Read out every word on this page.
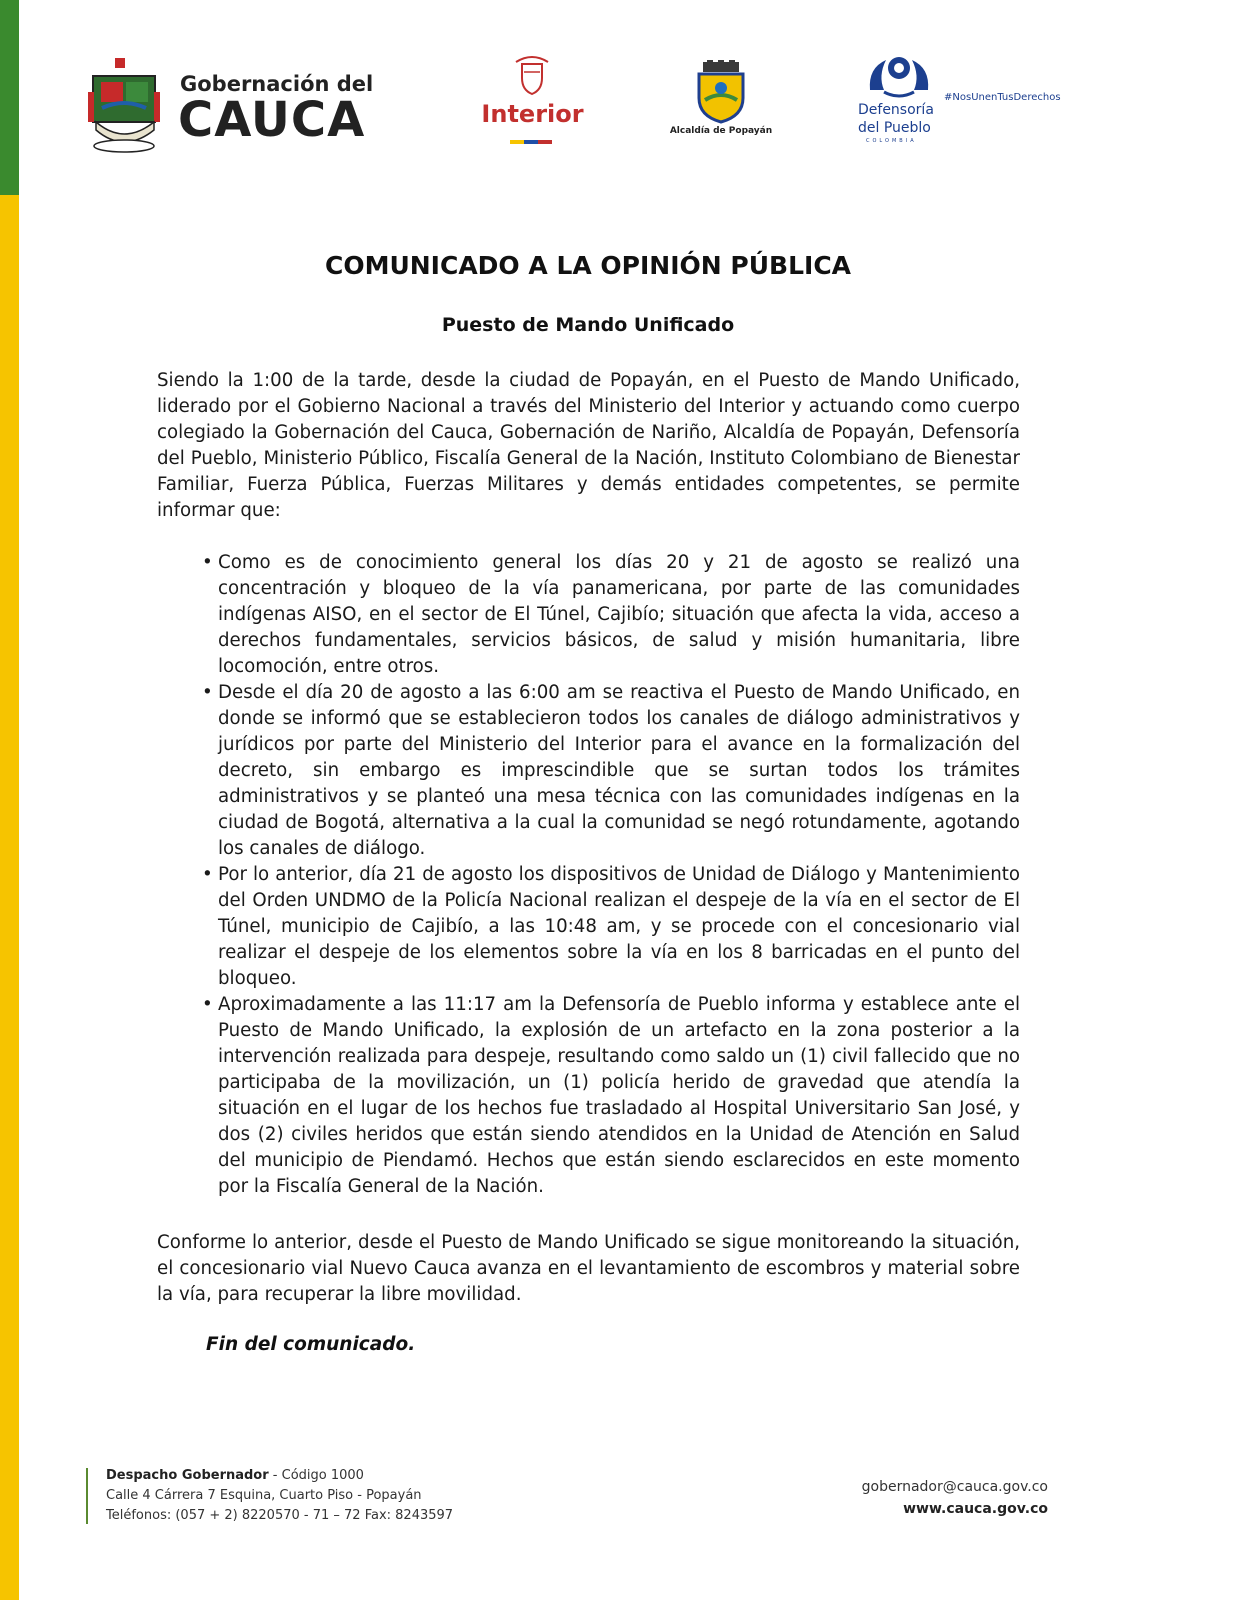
Gobernación del
CAUCA	Interior
Alcaldía de Popayán
#NosUnenTusDerechos
Defensoría
del Pueblo
COLOMBIA
COMUNICADO A LA OPINIÓN PÚBLICA
Puesto de Mando Unificado

Siendo la 1:00 de la tarde, desde la ciudad de Popayán, en el Puesto de Mando Unificado, liderado por el Gobierno Nacional a través del Ministerio del Interior y actuando como cuerpo colegiado la Gobernación del Cauca, Gobernación de Nariño, Alcaldía de Popayán, Defensoría del Pueblo, Ministerio Público, Fiscalía General de la Nación, Instituto Colombiano de Bienestar Familiar, Fuerza Pública, Fuerzas Militares y demás entidades competentes, se permite informar que:

• Como es de conocimiento general los días 20 y 21 de agosto se realizó una concentración y bloqueo de la vía panamericana, por parte de las comunidades indígenas AISO, en el sector de El Túnel, Cajibío; situación que afecta la vida, acceso a derechos fundamentales, servicios básicos, de salud y misión humanitaria, libre locomoción, entre otros.
• Desde el día 20 de agosto a las 6:00 am se reactiva el Puesto de Mando Unificado, en donde se informó que se establecieron todos los canales de diálogo administrativos y jurídicos por parte del Ministerio del Interior para el avance en la formalización del decreto, sin embargo es imprescindible que se surtan todos los trámites administrativos y se planteó una mesa técnica con las comunidades indígenas en la ciudad de Bogotá, alternativa a la cual la comunidad se negó rotundamente, agotando los canales de diálogo.
• Por lo anterior, día 21 de agosto los dispositivos de Unidad de Diálogo y Mantenimiento del Orden UNDMO de la Policía Nacional realizan el despeje de la vía en el sector de El Túnel, municipio de Cajibío, a las 10:48 am, y se procede con el concesionario vial realizar el despeje de los elementos sobre la vía en los 8 barricadas en el punto del bloqueo.
• Aproximadamente a las 11:17 am la Defensoría de Pueblo informa y establece ante el Puesto de Mando Unificado, la explosión de un artefacto en la zona posterior a la intervención realizada para despeje, resultando como saldo un (1) civil fallecido que no participaba de la movilización, un (1) policía herido de gravedad que atendía la situación en el lugar de los hechos fue trasladado al Hospital Universitario San José, y dos (2) civiles heridos que están siendo atendidos en la Unidad de Atención en Salud del municipio de Piendamó. Hechos que están siendo esclarecidos en este momento por la Fiscalía General de la Nación.

Conforme lo anterior, desde el Puesto de Mando Unificado se sigue monitoreando la situación, el concesionario vial Nuevo Cauca avanza en el levantamiento de escombros y material sobre la vía, para recuperar la libre movilidad.

Fin del comunicado.
Despacho Gobernador - Código 1000
Calle 4 Cárrera 7 Esquina, Cuarto Piso - Popayán
Teléfonos: (057 + 2) 8220570 - 71 – 72 Fax: 8243597
gobernador@cauca.gov.co
www.cauca.gov.co
